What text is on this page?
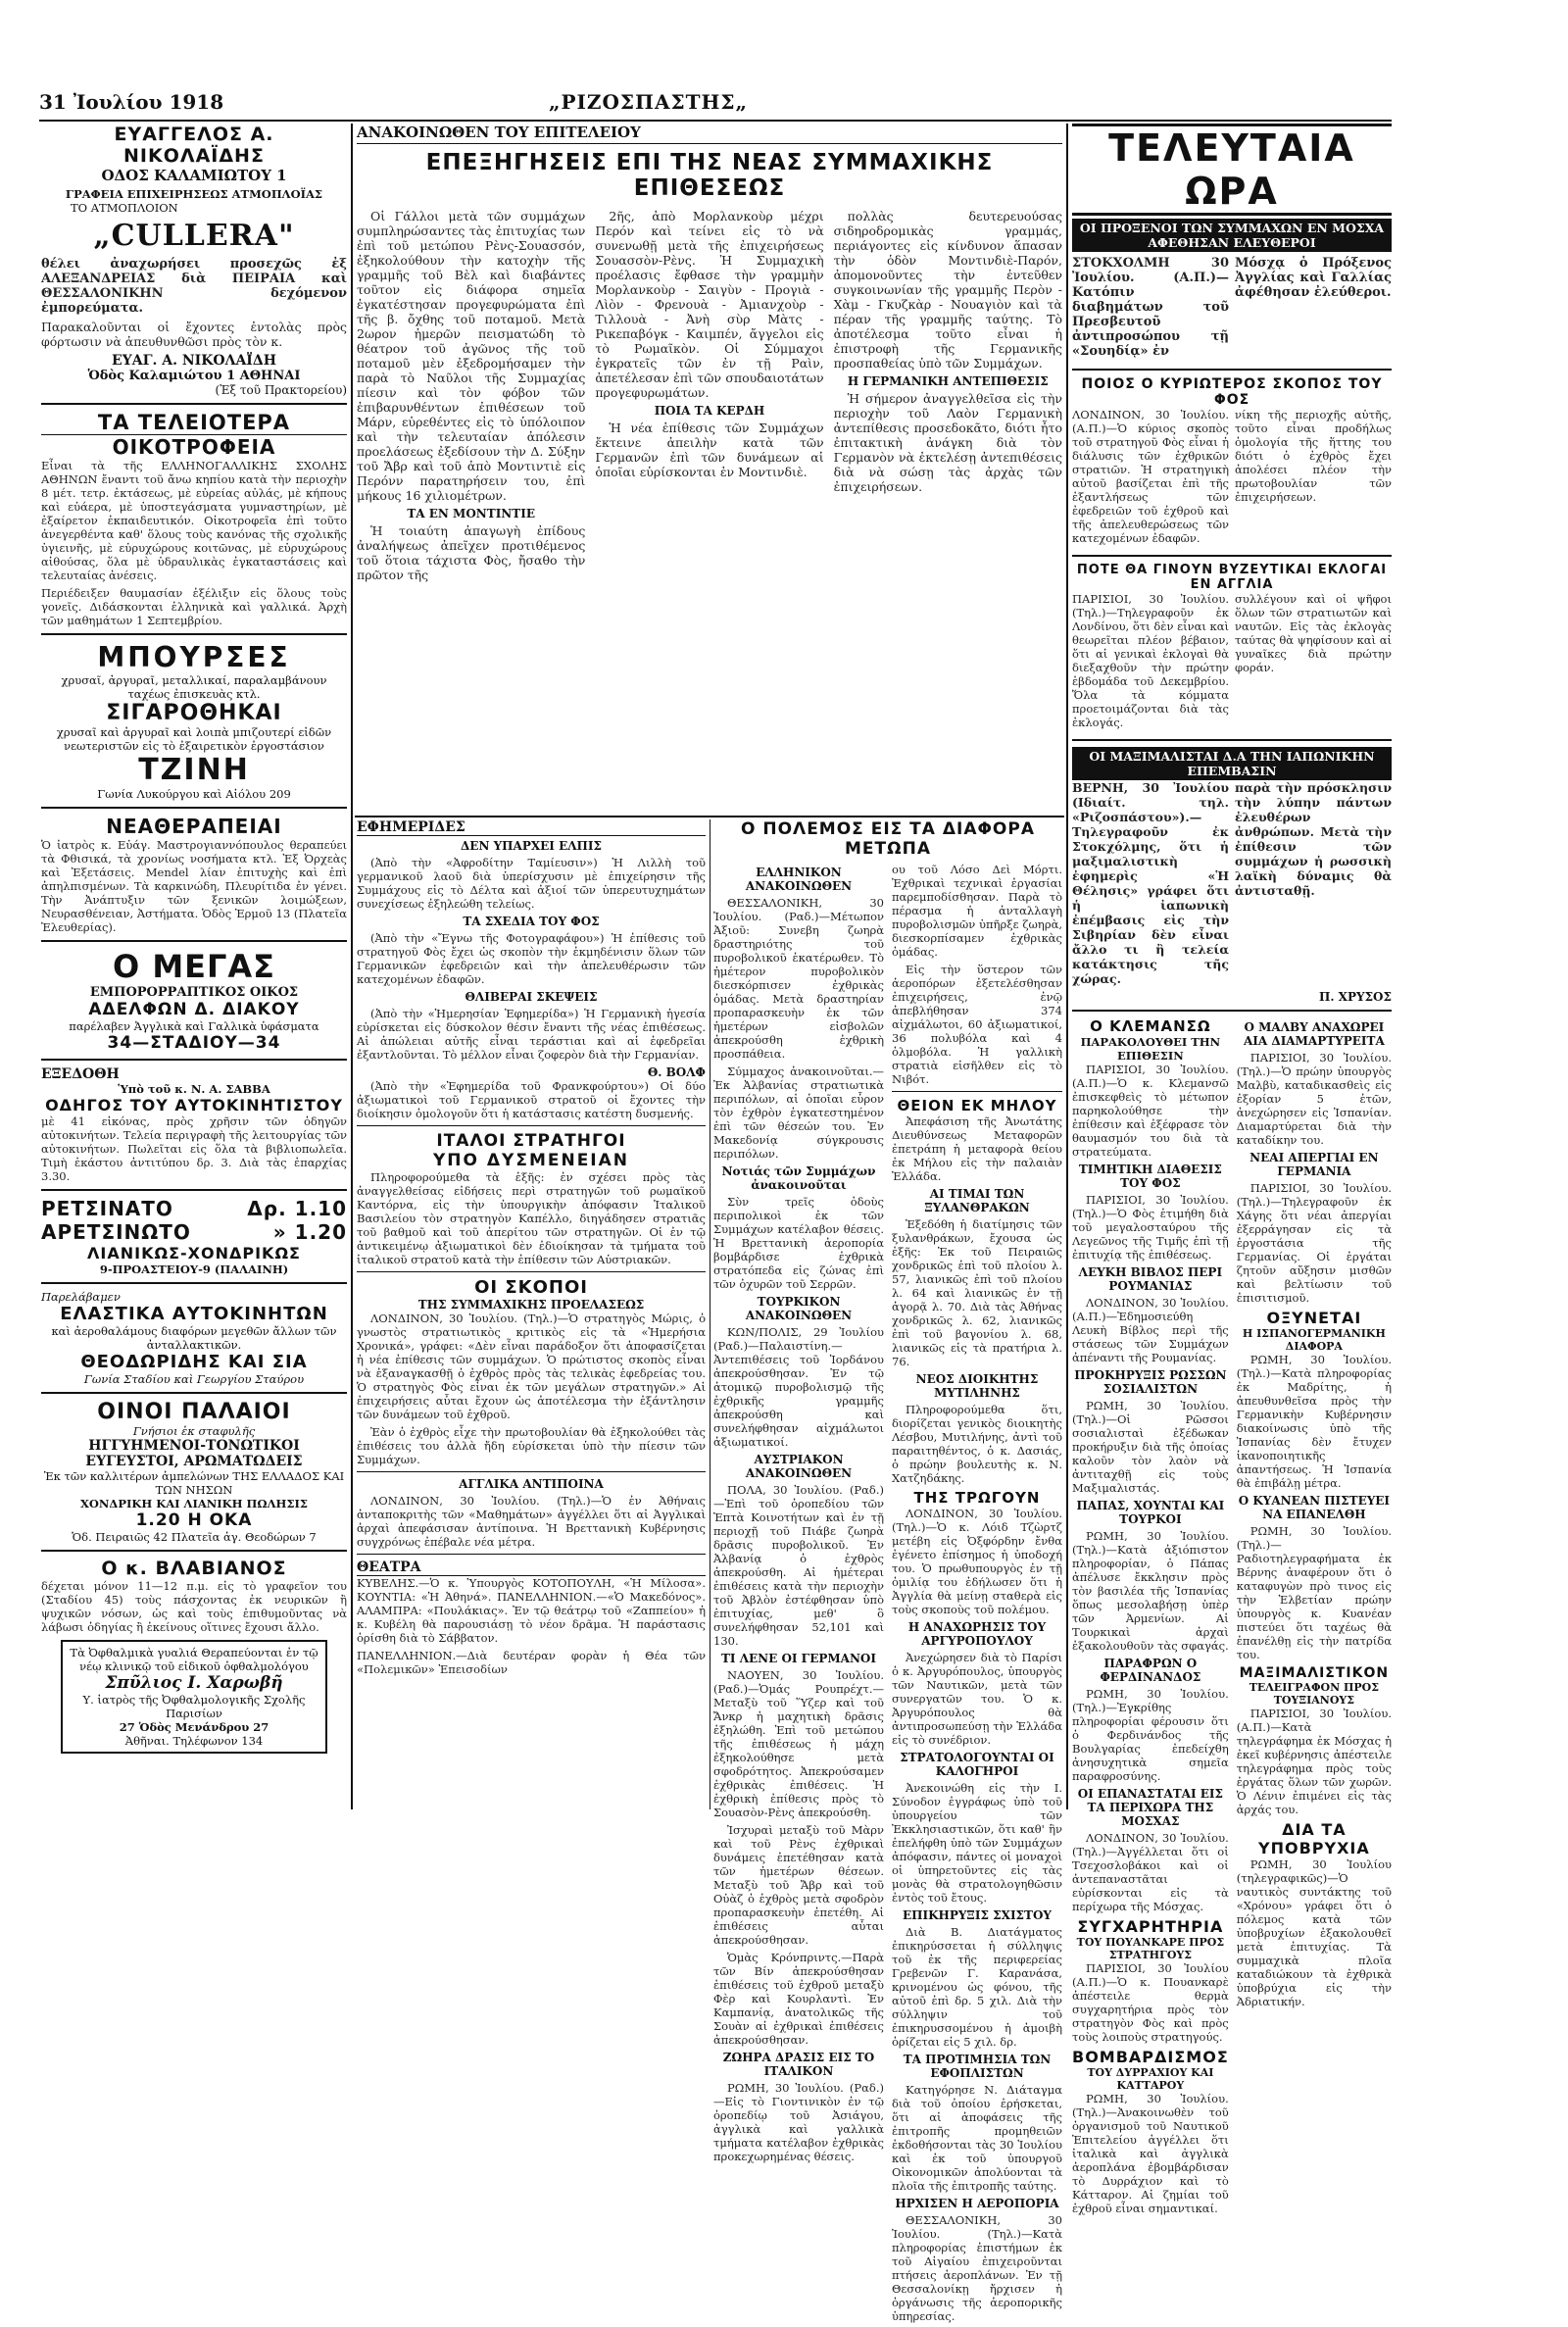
31 Ἰουλίου 1918	„ΡΙΖΟΣΠΑΣΤΗΣ„
ΕΥΑΓΓΕΛΟΣ Α. ΝΙΚΟΛΑΪΔΗΣ
ΟΔΟΣ ΚΑΛΑΜΙΩΤΟΥ 1
ΓΡΑΦΕΙΑ ΕΠΙΧΕΙΡΗΣΕΩΣ ΑΤΜΟΠΛΟΪΑΣ
ΤΟ ΑΤΜΟΠΛΟΙΟΝ
„CULLERA"

θέλει ἀναχωρήσει προσεχῶς ἐξ ΑΛΕΞΑΝΔΡΕΙΑΣ διὰ ΠΕΙΡΑΙΑ καὶ ΘΕΣΣΑΛΟΝΙΚΗΝ δεχόμενον ἐμπορεύματα.

Παρακαλοῦνται οἱ ἔχοντες ἐντολὰς πρὸς φόρτωσιν νὰ ἀπευθυνθῶσι πρὸς τὸν κ.

ΕΥΑΓ. Α. ΝΙΚΟΛΑΪΔΗ
Ὁδὸς Καλαμιώτου 1 ΑΘΗΝΑΙ
(Ἐξ τοῦ Πρακτορείου)
ΤΑ ΤΕΛΕΙΟΤΕΡΑ
ΟΙΚΟΤΡΟΦΕΙΑ

Εἶναι τὰ τῆς ΕΛΛΗΝΟΓΑΛΛΙΚΗΣ ΣΧΟΛΗΣ ΑΘΗΝΩΝ ἔναντι τοῦ ἄνω κηπίου κατὰ τὴν περιοχὴν 8 μέτ. τετρ. ἐκτάσεως, μὲ εὐρείας αὐλάς, μὲ κήπους καὶ εὐάερα, μὲ ὑποστεγάσματα γυμναστηρίων, μὲ ἐξαίρετον ἐκπαιδευτικόν. Οἰκοτροφεῖα ἐπὶ τοῦτο ἀνεγερθέντα καθ' ὅλους τοὺς κανόνας τῆς σχολικῆς ὑγιεινῆς, μὲ εὐρυχώρους κοιτῶνας, μὲ εὐρυχώρους αἰθούσας, ὅλα μὲ ὑδραυλικὰς ἐγκαταστάσεις καὶ τελευταίας ἀνέσεις.

Περιέδειξεν θαυμασίαν ἐξέλιξιν εἰς ὅλους τοὺς γονεῖς. Διδάσκονται ἑλληνικὰ καὶ γαλλικά. Ἀρχὴ τῶν μαθημάτων 1 Σεπτεμβρίου.

ΜΠΟΥΡΣΕΣ
χρυσαῖ, ἀργυραῖ, μεταλλικαί, παραλαμβάνουν ταχέως ἐπισκευὰς κτλ.
ΣΙΓΑΡΟΘΗΚΑΙ
χρυσαῖ καὶ ἀργυραῖ καὶ λοιπὰ μπιζουτερί εἰδῶν νεωτεριστῶν εἰς τὸ ἐξαιρετικὸν ἐργοστάσιον
ΤΖΙΝΗ
Γωνία Λυκούργου καὶ Αἰόλου 209
ΝΕΑΘΕΡΑΠΕΙΑΙ

Ὁ ἰατρὸς κ. Εὐάγ. Μαστρογιαννόπουλος θεραπεύει τὰ Φθισικά, τὰ χρονίως νοσήματα κτλ. Ἐξ Ὀρχεὰς καὶ Ἐξετάσεις. Mendel λίαν ἐπιτυχὴς καὶ ἐπὶ ἀπηλπισμένων. Τὰ καρκινώδη, Πλευρίτιδα ἐν γένει. Τὴν Ἀνάπτυξιν τῶν ξενικῶν λοιμώξεων, Νευρασθένειαν, Ἀστήματα. Ὁδὸς Ἐρμοῦ 13 (Πλατεῖα Ἐλευθερίας).

Ο ΜΕΓΑΣ
ΕΜΠΟΡΟΡΡΑΠΤΙΚΟΣ ΟΙΚΟΣ
ΑΔΕΛΦΩΝ Δ. ΔΙΑΚΟΥ
παρέλαβεν Ἀγγλικὰ καὶ Γαλλικὰ ὑφάσματα
34—ΣΤΑΔΙΟΥ—34
ΕΞΕΔΟΘΗ
Ὑπὸ τοῦ κ. Ν. Α. ΣΑΒΒΑ
ΟΔΗΓΟΣ ΤΟΥ ΑΥΤΟΚΙΝΗΤΙΣΤΟΥ

μὲ 41 εἰκόνας, πρὸς χρῆσιν τῶν ὁδηγῶν αὐτοκινήτων. Τελεία περιγραφὴ τῆς λειτουργίας τῶν αὐτοκινήτων. Πωλεῖται εἰς ὅλα τὰ βιβλιοπωλεῖα. Τιμὴ ἑκάστου ἀντιτύπου δρ. 3. Διὰ τὰς ἐπαρχίας 3.30.

ΡΕΤΣΙΝΑΤΟ	Δρ. 1.10
ΑΡΕΤΣΙΝΩΤΟ	» 1.20
ΛΙΑΝΙΚΩΣ-ΧΟΝΔΡΙΚΩΣ
9-ΠΡΟΑΣΤΕΙΟΥ-9 (ΠΑΛΑΙΝΗ)
Παρελάβαμεν
ΕΛΑΣΤΙΚΑ ΑΥΤΟΚΙΝΗΤΩΝ
καὶ ἀεροθαλάμους διαφόρων μεγεθῶν ἄλλων τῶν ἀνταλλακτικῶν.
ΘΕΟΔΩΡΙΔΗΣ ΚΑΙ ΣΙΑ
Γωνία Σταδίου καὶ Γεωργίου Σταύρου
ΟΙΝΟΙ ΠΑΛΑΙΟΙ
Γνήσιοι ἐκ σταφυλῆς
ΗΓΓΥΗΜΕΝΟΙ-ΤΟΝΩΤΙΚΟΙ
ΕΥΓΕΥΣΤΟΙ, ΑΡΩΜΑΤΩΔΕΙΣ
Ἐκ τῶν καλλιτέρων ἀμπελώνων ΤΗΣ ΕΛΛΑΔΟΣ ΚΑΙ ΤΩΝ ΝΗΣΩΝ
ΧΟΝΔΡΙΚΗ ΚΑΙ ΛΙΑΝΙΚΗ ΠΩΛΗΣΙΣ
1.20 Η ΟΚΑ
Ὁδ. Πειραιῶς 42 Πλατεῖα ἁγ. Θεοδώρων 7
Ο κ. ΒΛΑΒΙΑΝΟΣ

δέχεται μόνον 11—12 π.μ. εἰς τὸ γραφεῖον του (Σταδίου 45) τοὺς πάσχοντας ἐκ νευρικῶν ἢ ψυχικῶν νόσων, ὡς καὶ τοὺς ἐπιθυμοῦντας νὰ λάβωσι ὁδηγίας ἢ ἐκείνους οἵτινες ἔχουσι ἄλλο.

Τὰ Ὀφθαλμικὰ γυαλιά Θεραπεύονται ἐν τῷ νέῳ κλινικῷ τοῦ εἰδικοῦ ὀφθαλμολόγου
Σπῦλιος Ι. Χαρωβῆ
Υ. ἰατρὸς τῆς Ὀφθαλμολογικῆς Σχολῆς Παρισίων
27 Ὁδὸς Μενάνδρου 27
Ἀθῆναι. Τηλέφωνον 134
ΑΝΑΚΟΙΝΩΘΕΝ ΤΟΥ ΕΠΙΤΕΛΕΙΟΥ
ΕΠΕΞΗΓΗΣΕΙΣ ΕΠΙ ΤΗΣ ΝΕΑΣ ΣΥΜΜΑΧΙΚΗΣ ΕΠΙΘΕΣΕΩΣ

Οἱ Γάλλοι μετὰ τῶν συμμάχων συμπληρώσαντες τὰς ἐπιτυχίας των ἐπὶ τοῦ μετώπου Ρὲνς-Σουασσόν, ἐξηκολούθουν τὴν κατοχὴν τῆς γραμμῆς τοῦ Βὲλ καὶ διαβάντες τοῦτον εἰς διάφορα σημεῖα ἐγκατέστησαν προγεφυρώματα ἐπὶ τῆς β. ὄχθης τοῦ ποταμοῦ. Μετὰ 2ωρον ἡμερῶν πεισματώδη τὸ θέατρον τοῦ ἀγῶνος τῆς τοῦ ποταμοῦ μὲν ἐξεδρομήσαμεν τὴν παρὰ τὸ Ναῦλοι τῆς Συμμαχίας πίεσιν καὶ τὸν φόβον τῶν ἐπιβαρυνθέντων ἐπιθέσεων τοῦ Μάρν, εὑρεθέντες εἰς τὸ ὑπόλοιπον καὶ τὴν τελευταίαν ἀπόλεσιν προελάσεως ἐξεδίσουν τὴν Δ. Σύξην τοῦ Ἄβρ καὶ τοῦ ἀπὸ Μοντιντιὲ εἰς Περόνν παρατηρήσειν του, ἐπὶ μήκους 16 χιλιομέτρων.

ΤΑ ΕΝ ΜΟΝΤΙΝΤΙΕ

Ἡ τοιαύτη ἀπαγωγὴ ἐπίδους ἀναλήψεως ἀπεῖχεν προτιθέμενος τοῦ ὅτοια τάχιστα Φὸς, ἤσαθο τὴν πρῶτον τῆς

2ῆς, ἀπὸ Μορλανκοὺρ μέχρι Περόν καὶ τείνει εἰς τὸ νὰ συνενωθῇ μετὰ τῆς ἐπιχειρήσεως Σουασσὸν-Ρὲνς. Ἡ Συμμαχικὴ προέλασις ἔφθασε τὴν γραμμὴν Μορλανκοὺρ - Σαιγὺν - Προγιὰ - Λὶὸν - Φρενουὰ - Ἀμιανχοὺρ - Τιλλουὰ - Ἀνὴ σὺρ Μὰτς - Ρικεπαβόγκ - Καιμπέν, ἄγγελοι εἰς τὸ Ρωμαῖκὸν. Οἱ Σύμμαχοι ἐγκρατεῖς τῶν ἐν τῇ Ραὶν, ἀπετέλεσαν ἐπὶ τῶν σπουδαιοτάτων προγεφυρωμάτων.

ΠΟΙΑ ΤΑ ΚΕΡΔΗ

Ἡ νέα ἐπίθεσις τῶν Συμμάχων ἔκτεινε ἀπειλὴν κατὰ τῶν Γερμανῶν ἐπὶ τῶν δυνάμεων αἱ ὁποῖαι εὑρίσκονται ἐν Μοντινδιὲ.

πολλὰς δευτερευούσας σιδηροδρομικὰς γραμμάς, περιάγοντες εἰς κίνδυνον ἅπασαν τὴν ὁδὸν Μοντινδιὲ-Παρόν, ἀπομονοῦντες τὴν ἐντεῦθεν συγκοινωνίαν τῆς γραμμῆς Περὸν - Χὰμ - Γκυζκὰρ - Νουαγιὸν καὶ τὰ πέραν τῆς γραμμῆς ταύτης. Τὸ ἀποτέλεσμα τοῦτο εἶναι ἡ ἐπιστροφὴ τῆς Γερμανικῆς προσπαθείας ὑπὸ τῶν Συμμάχων.

Η ΓΕΡΜΑΝΙΚΗ ΑΝΤΕΠΙΘΕΣΙΣ

Ἡ σήμερον ἀναγγελθεῖσα εἰς τὴν περιοχὴν τοῦ Λαὸν Γερμανικὴ ἀντεπίθεσις προσεδοκᾶτο, διότι ἦτο ἐπιτακτικὴ ἀνάγκη διὰ τὸν Γερμανὸν νὰ ἐκτελέσῃ ἀντεπιθέσεις διὰ νὰ σώσῃ τὰς ἀρχὰς τῶν ἐπιχειρήσεων.

ΕΦΗΜΕΡΙΔΕΣ
ΔΕΝ ΥΠΑΡΧΕΙ ΕΛΠΙΣ

(Ἀπὸ τὴν «Ἀφροδίτην Ταμίευσιν») Ἡ Λιλλὴ τοῦ γερμανικοῦ λαοῦ διὰ ὑπερίσχυσιν μὲ ἐπιχείρησιν τῆς Συμμάχους εἰς τὸ Δέλτα καὶ ἀξιοί τῶν ὑπερευτυχημάτων συνεχίσεως ἐξηλεώθη τελείως.

ΤΑ ΣΧΕΔΙΑ ΤΟΥ ΦΟΣ

(Ἀπὸ τὴν «Ἔγνω τῆς Φοτογραφάφου») Ἡ ἐπίθεσις τοῦ στρατηγοῦ Φὸς ἔχει ὡς σκοπὸν τὴν ἐκμηδένισιν ὅλων τῶν Γερμανικῶν ἐφεδρειῶν καὶ τὴν ἀπελευθέρωσιν τῶν κατεχομένων ἐδαφῶν.

ΘΛΙΒΕΡΑΙ ΣΚΕΨΕΙΣ

(Ἀπὸ τὴν «Ἡμερησίαν Ἐφημερίδα») Ἡ Γερμανικὴ ἡγεσία εὑρίσκεται εἰς δύσκολον θέσιν ἔναντι τῆς νέας ἐπιθέσεως. Αἱ ἀπώλειαι αὐτῆς εἶναι τεράστιαι καὶ αἱ ἐφεδρεῖαι ἐξαντλοῦνται. Τὸ μέλλον εἶναι ζοφερὸν διὰ τὴν Γερμανίαν.

Θ. ΒΟΛΦ

(Ἀπὸ τὴν «Ἐφημερίδα τοῦ Φρανκφούρτου») Οἱ δύο ἀξιωματικοὶ τοῦ Γερμανικοῦ στρατοῦ οἱ ἔχοντες τὴν διοίκησιν ὁμολογοῦν ὅτι ἡ κατάστασις κατέστη δυσμενής.

ΙΤΑΛΟΙ ΣΤΡΑΤΗΓΟΙ
ΥΠΟ ΔΥΣΜΕΝΕΙΑΝ

Πληροφορούμεθα τὰ ἑξῆς: ἐν σχέσει πρὸς τὰς ἀναγγελθείσας εἰδήσεις περὶ στρατηγῶν τοῦ ρωμαϊκοῦ Καντόρνα, εἰς τὴν ὑπουργικὴν ἀπόφασιν Ἰταλικοῦ Βασιλείου τὸν στρατηγὸν Καπέλλο, διηγάδησεν στρατιᾶς τοῦ βαθμοῦ καὶ τοῦ ἀπερίτου τῶν στρατηγῶν. Οἱ ἐν τῷ ἀντικειμένῳ ἀξιωματικοὶ δὲν ἐδιοίκησαν τὰ τμήματα τοῦ ἰταλικοῦ στρατοῦ κατὰ τὴν ἐπίθεσιν τῶν Αὐστριακῶν.

ΟΙ ΣΚΟΠΟΙ
ΤΗΣ ΣΥΜΜΑΧΙΚΗΣ ΠΡΟΕΛΑΣΕΩΣ

ΛΟΝΔΙΝΟΝ, 30 Ἰουλίου. (Τηλ.)—Ὁ στρατηγὸς Μώρις, ὁ γνωστὸς στρατιωτικὸς κριτικὸς εἰς τὰ «Ἡμερήσια Χρονικά», γράφει: «Δὲν εἶναι παράδοξον ὅτι ἀποφασίζεται ἡ νέα ἐπίθεσις τῶν συμμάχων. Ὁ πρώτιστος σκοπὸς εἶναι νὰ ἐξαναγκασθῇ ὁ ἐχθρὸς πρὸς τὰς τελικὰς ἐφεδρείας του. Ὁ στρατηγὸς Φὸς εἶναι ἐκ τῶν μεγάλων στρατηγῶν.» Αἱ ἐπιχειρήσεις αὗται ἔχουν ὡς ἀποτέλεσμα τὴν ἐξάντλησιν τῶν δυνάμεων τοῦ ἐχθροῦ.

Ἐὰν ὁ ἐχθρὸς εἶχε τὴν πρωτοβουλίαν θὰ ἐξηκολούθει τὰς ἐπιθέσεις του ἀλλὰ ἤδη εὑρίσκεται ὑπὸ τὴν πίεσιν τῶν Συμμάχων.

ΑΓΓΛΙΚΑ ΑΝΤΙΠΟΙΝΑ

ΛΟΝΔΙΝΟΝ, 30 Ἰουλίου. (Τηλ.)—Ὁ ἐν Ἀθήναις ἀνταποκριτὴς τῶν «Μαθημάτων» ἀγγέλλει ὅτι αἱ Ἀγγλικαὶ ἀρχαὶ ἀπεφάσισαν ἀντίποινα. Ἡ Βρεττανικὴ Κυβέρνησις συγχρόνως ἐπέβαλε νέα μέτρα.

ΘΕΑΤΡΑ

ΚΥΒΕΛΗΣ.—Ὁ κ. Ὑπουργὸς ΚΟΤΟΠΟΥΛΗ, «Ἡ Μίλοσα». ΚΟΥΝΤΙΑ: «Ἡ Ἀθηνά». ΠΑΝΕΛΛΗΝΙΟΝ.—«Ὁ Μακεδόνος». ΑΛΑΜΠΡΑ: «Πουλάκιας». Ἐν τῷ θεάτρῳ τοῦ «Ζαππείου» ἡ κ. Κυβέλη θὰ παρουσιάσῃ τὸ νέον δρᾶμα. Ἡ παράστασις ὁρίσθη διὰ τὸ Σάββατον.

ΠΑΝΕΛΛΗΝΙΟΝ.—Διὰ δευτέραν φορὰν ἡ Θέα τῶν «Πολεμικῶν» Ἐπεισοδίων

Ο ΠΟΛΕΜΟΣ ΕΙΣ ΤΑ ΔΙΑΦΟΡΑ ΜΕΤΩΠΑ
ΕΛΛΗΝΙΚΟΝ ΑΝΑΚΟΙΝΩΘΕΝ

ΘΕΣΣΑΛΟΝΙΚΗ, 30 Ἰουλίου. (Ραδ.)—Μέτωπον Ἀξιοῦ: Συνεβη ζωηρὰ δραστηριότης τοῦ πυροβολικοῦ ἑκατέρωθεν. Τὸ ἡμέτερον πυροβολικὸν διεσκόρπισεν ἐχθρικὰς ὁμάδας. Μετὰ δραστηρίαν προπαρασκευὴν ἐκ τῶν ἡμετέρων εἰσβολῶν ἀπεκρούσθη ἐχθρικὴ προσπάθεια.

Σύμμαχος ἀνακοινοῦται.—Ἐκ Ἀλβανίας στρατιωτικὰ περιπόλων, αἱ ὁποῖαι εὗρον τὸν ἐχθρὸν ἐγκατεστημένον ἐπὶ τῶν θέσεών του. Ἐν Μακεδονίᾳ σύγκρουσις περιπόλων.

Νοτιάς τῶν Συμμάχων ἀνακοινοῦται

Σὺν τρεῖς ὁδοὺς περιπολικοὶ ἐκ τῶν Συμμάχων κατέλαβον θέσεις. Ἡ Βρεττανικὴ ἀεροπορία βομβάρδισε ἐχθρικὰ στρατόπεδα εἰς ζώνας ἐπὶ τῶν ὀχυρῶν τοῦ Σερρῶν.

ΤΟΥΡΚΙΚΟΝ ΑΝΑΚΟΙΝΩΘΕΝ

ΚΩΝ/ΠΟΛΙΣ, 29 Ἰουλίου (Ραδ.)—Παλαιστίνη.—Ἀντεπιθέσεις τοῦ Ἰορδάνου ἀπεκρούσθησαν. Ἐν τῷ ἀτομικῷ πυροβολισμῷ τῆς ἐχθρικῆς γραμμῆς ἀπεκρούσθη καὶ συνελήφθησαν αἰχμάλωτοι ἀξιωματικοί.

ΑΥΣΤΡΙΑΚΟΝ ΑΝΑΚΟΙΝΩΘΕΝ

ΠΟΛΑ, 30 Ἰουλίου. (Ραδ.)—Ἐπὶ τοῦ ὀροπεδίου τῶν Ἑπτὰ Κοινοτήτων καὶ ἐν τῇ περιοχῇ τοῦ Πιάβε ζωηρὰ δρᾶσις πυροβολικοῦ. Ἐν Ἀλβανίᾳ ὁ ἐχθρὸς ἀπεκρούσθη. Αἱ ἡμέτεραι ἐπιθέσεις κατὰ τὴν περιοχὴν τοῦ Ἀβλὸν ἐστέφθησαν ὑπὸ ἐπιτυχίας, μεθ' ὃ συνελήφθησαν 52,101 καὶ 130.

ΤΙ ΛΕΝΕ ΟΙ ΓΕΡΜΑΝΟΙ

ΝΑΟΥΕΝ, 30 Ἰουλίου. (Ραδ.)—Ὁμάς Ρουπρέχτ.—Μεταξὺ τοῦ Ὕζερ καὶ τοῦ Ἄνκρ ἡ μαχητικὴ δρᾶσις ἐξηλώθη. Ἐπὶ τοῦ μετώπου τῆς ἐπιθέσεως ἡ μάχη ἐξηκολούθησε μετὰ σφοδρότητος. Ἀπεκρούσαμεν ἐχθρικὰς ἐπιθέσεις. Ἡ ἐχθρικὴ ἐπίθεσις πρὸς τὸ Σουασὸν-Ρὲνς ἀπεκρούσθη.

Ἰσχυραὶ μεταξὺ τοῦ Μὰρν καὶ τοῦ Ρὲνς ἐχθρικαὶ δυνάμεις ἐπετέθησαν κατὰ τῶν ἡμετέρων θέσεων. Μεταξὺ τοῦ Ἄβρ καὶ τοῦ Οὐὰζ ὁ ἐχθρὸς μετὰ σφοδρὸν προπαρασκευὴν ἐπετέθη. Αἱ ἐπιθέσεις αὗται ἀπεκρούσθησαν.

Ὁμὰς Κρόνπριντς.—Παρὰ τῶν Βίν ἀπεκρούσθησαν ἐπιθέσεις τοῦ ἐχθροῦ μεταξὺ Φὲρ καὶ Κουρλαντὶ. Ἐν Καμπανίᾳ, ἀνατολικῶς τῆς Σουὰν αἱ ἐχθρικαὶ ἐπιθέσεις ἀπεκρούσθησαν.

ΖΩΗΡΑ ΔΡΑΣΙΣ ΕΙΣ ΤΟ ΙΤΑΛΙΚΟΝ

ΡΩΜΗ, 30 Ἰουλίου. (Ραδ.)—Εἰς τὸ Γιοντινικὸν ἐν τῷ ὀροπεδίῳ τοῦ Ἀσιάγου, ἀγγλικὰ καὶ γαλλικὰ τμήματα κατέλαβον ἐχθρικὰς προκεχωρημένας θέσεις.

ου τοῦ Λόσο Δεὶ Μόρτι. Ἐχθρικαὶ τεχνικαὶ ἐργασίαι παρεμποδίσθησαν. Παρὰ τὸ πέρασμα ἡ ἀνταλλαγὴ πυροβολισμῶν ὑπῆρξε ζωηρὰ, διεσκορπίσαμεν ἐχθρικὰς ὁμάδας.

Εἰς τὴν ὕστερον τῶν ἀεροπόρων ἐξετελέσθησαν ἐπιχειρήσεις, ἐνῷ ἀπεβλήθησαν 374 αἰχμάλωτοι, 60 ἀξιωματικοί, 36 πολυβόλα καὶ 4 ὁλμοβόλα. Ἡ γαλλικὴ στρατιὰ εἰσῆλθεν εἰς τὸ Νιβότ.

ΘΕΙΟΝ ΕΚ ΜΗΛΟΥ

Ἀπεφάσιση τῆς Ἀνωτάτης Διευθύνσεως Μεταφορῶν ἐπετράπη ἡ μεταφορὰ θείου ἐκ Μήλου εἰς τὴν παλαιὰν Ἑλλάδα.

ΑΙ ΤΙΜΑΙ ΤΩΝ ΞΥΛΑΝΘΡΑΚΩΝ

Ἐξεδόθη ἡ διατίμησις τῶν ξυλανθράκων, ἔχουσα ὡς ἑξῆς: Ἐκ τοῦ Πειραιῶς χονδρικῶς ἐπὶ τοῦ πλοίου λ. 57, λιανικῶς ἐπὶ τοῦ πλοίου λ. 64 καὶ λιανικῶς ἐν τῇ ἀγορᾷ λ. 70. Διὰ τὰς Ἀθήνας χονδρικῶς λ. 62, λιανικῶς ἐπὶ τοῦ βαγονίου λ. 68, λιανικῶς εἰς τὰ πρατήρια λ. 76.

ΝΕΟΣ ΔΙΟΙΚΗΤΗΣ ΜΥΤΙΛΗΝΗΣ

Πληροφορούμεθα ὅτι, διορίζεται γενικὸς διοικητὴς Λέσβου, Μυτιλήνης, ἀντὶ τοῦ παραιτηθέντος, ὁ κ. Δασιάς, ὁ πρώην βουλευτὴς κ. Ν. Χατζηδάκης.

ΤΗΣ ΤΡΩΓΟΥΝ

ΛΟΝΔΙΝΟΝ, 30 Ἰουλίου. (Τηλ.)—Ὁ κ. Λόιδ Τζὼρτζ μετέβη εἰς Ὀξφόρδην ἔνθα ἐγένετο ἐπίσημος ἡ ὑποδοχή του. Ὁ πρωθυπουργὸς ἐν τῇ ὁμιλίᾳ του ἐδήλωσεν ὅτι ἡ Ἀγγλία θὰ μείνῃ σταθερὰ εἰς τοὺς σκοποὺς τοῦ πολέμου.

Η ΑΝΑΧΩΡΗΣΙΣ ΤΟΥ ΑΡΓΥΡΟΠΟΥΛΟΥ

Ἀνεχώρησεν διὰ τὸ Παρίσι ὁ κ. Ἀργυρόπουλος, ὑπουργὸς τῶν Ναυτικῶν, μετὰ τῶν συνεργατῶν του. Ὁ κ. Ἀργυρόπουλος θὰ ἀντιπροσωπεύσῃ τὴν Ἑλλάδα εἰς τὸ συνέδριον.

ΣΤΡΑΤΟΛΟΓΟΥΝΤΑΙ ΟΙ ΚΑΛΟΓΗΡΟΙ

Ἀνεκοινώθη εἰς τὴν Ι. Σύνοδον ἐγγράφως ὑπὸ τοῦ ὑπουργείου τῶν Ἐκκλησιαστικῶν, ὅτι καθ' ἣν ἐπελήφθη ὑπὸ τῶν Συμμάχων ἀπόφασιν, πάντες οἱ μοναχοὶ οἱ ὑπηρετοῦντες εἰς τὰς μονὰς θὰ στρατολογηθῶσιν ἐντὸς τοῦ ἔτους.

ΕΠΙΚΗΡΥΞΙΣ ΣΧΙΣΤΟΥ

Διὰ Β. Διατάγματος ἐπικηρύσσεται ἡ σύλληψις τοῦ ἐκ τῆς περιφερείας Γρεβενῶν Γ. Καρανάσα, κρινομένου ὡς φόνου, τῆς αὐτοῦ ἐπὶ δρ. 5 χιλ. Διὰ τὴν σύλληψιν τοῦ ἐπικηρυσσομένου ἡ ἀμοιβὴ ὁρίζεται εἰς 5 χιλ. δρ.

ΤΑ ΠΡΟΤΙΜΗΣΙΑ ΤΩΝ ΕΦΟΠΛΙΣΤΩΝ

Κατηγόρησε Ν. Διάταγμα διὰ τοῦ ὁποίου ἐρήσκεται, ὅτι αἱ ἀποφάσεις τῆς ἐπιτροπῆς προμηθειῶν ἐκδοθήσονται τὰς 30 Ἰουλίου καὶ ἐκ τοῦ ὑπουργοῦ Οἰκονομικῶν ἀπολύονται τὰ πλοῖα τῆς ἐπιτροπῆς ταύτης.

ΗΡΧΙΣΕΝ Η ΑΕΡΟΠΟΡΙΑ

ΘΕΣΣΑΛΟΝΙΚΗ, 30 Ἰουλίου. (Τηλ.)—Κατὰ πληροφορίας ἐπιστήμων ἐκ τοῦ Αἰγαίου ἐπιχειροῦνται πτήσεις ἀεροπλάνων. Ἐν τῇ Θεσσαλονίκῃ ἤρχισεν ἡ ὀργάνωσις τῆς ἀεροπορικῆς ὑπηρεσίας.

ΤΕΛΕΥΤΑΙΑ ΩΡΑ
ΟΙ ΠΡΟΞΕΝΟΙ ΤΩΝ ΣΥΜΜΑΧΩΝ ΕΝ ΜΟΣΧΑ ΑΦΕΘΗΣΑΝ ΕΛΕΥΘΕΡΟΙ

ΣΤΟΚΧΟΛΜΗ 30 Ἰουλίου. (Α.Π.)—Κατόπιν διαβημάτων τοῦ Πρεσβευτοῦ ἀντιπροσώπου τῇ «Σουηδίᾳ» ἐν

Μόσχᾳ ὁ Πρόξενος Ἀγγλίας καὶ Γαλλίας ἀφέθησαν ἐλεύθεροι.

ΠΟΙΟΣ Ο ΚΥΡΙΩΤΕΡΟΣ ΣΚΟΠΟΣ ΤΟΥ ΦΟΣ

ΛΟΝΔΙΝΟΝ, 30 Ἰουλίου. (Α.Π.)—Ὁ κύριος σκοπὸς τοῦ στρατηγοῦ Φὸς εἶναι ἡ διάλυσις τῶν ἐχθρικῶν στρατιῶν. Ἡ στρατηγικὴ αὐτοῦ βασίζεται ἐπὶ τῆς ἐξαντλήσεως τῶν ἐφεδρειῶν τοῦ ἐχθροῦ καὶ τῆς ἀπελευθερώσεως τῶν κατεχομένων ἐδαφῶν.

νίκη τῆς περιοχῆς αὐτῆς, τοῦτο εἶναι προδήλως ὁμολογία τῆς ἥττης του διότι ὁ ἐχθρὸς ἔχει ἀπολέσει πλέον τὴν πρωτοβουλίαν τῶν ἐπιχειρήσεων.

ΠΟΤΕ ΘΑ ΓΙΝΟΥΝ ΒΥΖΕΥΤΙΚΑΙ ΕΚΛΟΓΑΙ ΕΝ ΑΓΓΛΙΑ

ΠΑΡΙΣΙΟΙ, 30 Ἰουλίου. (Τηλ.)—Τηλεγραφοῦν ἐκ Λονδίνου, ὅτι δὲν εἶναι καὶ θεωρεῖται πλέον βέβαιον, ὅτι αἱ γενικαὶ ἐκλογαὶ θὰ διεξαχθοῦν τὴν πρώτην ἑβδομάδα τοῦ Δεκεμβρίου. Ὅλα τὰ κόμματα προετοιμάζονται διὰ τὰς ἐκλογάς.

συλλέγουν καὶ οἱ ψῆφοι ὅλων τῶν στρατιωτῶν καὶ ναυτῶν. Εἰς τὰς ἐκλογὰς ταύτας θὰ ψηφίσουν καὶ αἱ γυναῖκες διὰ πρώτην φοράν.

ΟΙ ΜΑΞΙΜΑΛΙΣΤΑΙ Δ.Α ΤΗΝ ΙΑΠΩΝΙΚΗΝ ΕΠΕΜΒΑΣΙΝ

ΒΕΡΝΗ, 30 Ἰουλίου (Ιδιαίτ. τηλ. «Ριζοσπάστου»).—Τηλεγραφοῦν ἐκ Στοκχόλμης, ὅτι ἡ μαξιμαλιστικὴ ἐφημερὶς «Ἡ Θέλησις» γράφει ὅτι ἡ ἰαπωνικὴ ἐπέμβασις εἰς τὴν Σιβηρίαν δὲν εἶναι ἄλλο τι ἢ τελεία κατάκτησις τῆς χώρας.

παρὰ τὴν πρόσκλησιν τὴν λύπην πάντων ἐλευθέρων ἀνθρώπων. Μετὰ τὴν ἐπίθεσιν τῶν συμμάχων ἡ ρωσσικὴ λαϊκὴ δύναμις θὰ ἀντισταθῇ.

Π. ΧΡΥΣΟΣ
Ο ΚΛΕΜΑΝΣΩ
ΠΑΡΑΚΟΛΟΥΘΕΙ ΤΗΝ ΕΠΙΘΕΣΙΝ

ΠΑΡΙΣΙΟΙ, 30 Ἰουλίου. (Α.Π.)—Ὁ κ. Κλεμανσῶ ἐπισκεφθεὶς τὸ μέτωπον παρηκολούθησε τὴν ἐπίθεσιν καὶ ἐξέφρασε τὸν θαυμασμόν του διὰ τὰ στρατεύματα.

ΤΙΜΗΤΙΚΗ ΔΙΑΘΕΣΙΣ ΤΟΥ ΦΟΣ

ΠΑΡΙΣΙΟΙ, 30 Ἰουλίου. (Τηλ.)—Ὁ Φὸς ἐτιμήθη διὰ τοῦ μεγαλοσταύρου τῆς Λεγεῶνος τῆς Τιμῆς ἐπὶ τῇ ἐπιτυχίᾳ τῆς ἐπιθέσεως.

ΛΕΥΚΗ ΒΙΒΛΟΣ ΠΕΡΙ ΡΟΥΜΑΝΙΑΣ

ΛΟΝΔΙΝΟΝ, 30 Ἰουλίου. (Α.Π.)—Ἐδημοσιεύθη Λευκὴ Βίβλος περὶ τῆς στάσεως τῶν Συμμάχων ἀπέναντι τῆς Ρουμανίας.

ΠΡΟΚΗΡΥΞΙΣ ΡΩΣΣΩΝ ΣΟΣΙΑΛΙΣΤΩΝ

ΡΩΜΗ, 30 Ἰουλίου. (Τηλ.)—Οἱ Ρῶσσοι σοσιαλισταὶ ἐξέδωκαν προκήρυξιν διὰ τῆς ὁποίας καλοῦν τὸν λαὸν νὰ ἀντιταχθῇ εἰς τοὺς Μαξιμαλιστάς.

ΠΑΠΑΣ, ΧΟΥΝΤΑΙ ΚΑΙ ΤΟΥΡΚΟΙ

ΡΩΜΗ, 30 Ἰουλίου. (Τηλ.)—Κατὰ ἀξιόπιστον πληροφορίαν, ὁ Πάπας ἀπέλυσε ἔκκλησιν πρὸς τὸν βασιλέα τῆς Ἰσπανίας ὅπως μεσολαβήσῃ ὑπὲρ τῶν Ἀρμενίων. Αἱ Τουρκικαὶ ἀρχαὶ ἐξακολουθοῦν τὰς σφαγάς.

ΠΑΡΑΦΡΩΝ Ο ΦΕΡΔΙΝΑΝΔΟΣ

ΡΩΜΗ, 30 Ἰουλίου. (Τηλ.)—Ἐγκρίθης πληροφορίαι φέρουσιν ὅτι ὁ Φερδινάνδος τῆς Βουλγαρίας ἐπεδείχθη ἀνησυχητικὰ σημεῖα παραφροσύνης.

ΟΙ ΕΠΑΝΑΣΤΑΤΑΙ ΕΙΣ ΤΑ ΠΕΡΙΧΩΡΑ ΤΗΣ ΜΟΣΧΑΣ

ΛΟΝΔΙΝΟΝ, 30 Ἰουλίου. (Τηλ.)—Ἀγγέλλεται ὅτι οἱ Τσεχοσλοβάκοι καὶ οἱ ἀντεπαναστᾶται εὑρίσκονται εἰς τὰ περίχωρα τῆς Μόσχας.

ΣΥΓΧΑΡΗΤΗΡΙΑ
ΤΟΥ ΠΟΥΑΝΚΑΡΕ ΠΡΟΣ ΣΤΡΑΤΗΓΟΥΣ

ΠΑΡΙΣΙΟΙ, 30 Ἰουλίου (Α.Π.)—Ὁ κ. Πουανκαρὲ ἀπέστειλε θερμὰ συγχαρητήρια πρὸς τὸν στρατηγὸν Φὸς καὶ πρὸς τοὺς λοιποὺς στρατηγούς.

ΒΟΜΒΑΡΔΙΣΜΟΣ
ΤΟΥ ΔΥΡΡΑΧΙΟΥ ΚΑΙ ΚΑΤΤΑΡΟΥ

ΡΩΜΗ, 30 Ἰουλίου. (Τηλ.)—Ἀνακοινωθὲν τοῦ ὀργανισμοῦ τοῦ Ναυτικοῦ Ἐπιτελείου ἀγγέλλει ὅτι ἰταλικὰ καὶ ἀγγλικὰ ἀεροπλάνα ἐβομβάρδισαν τὸ Δυρράχιον καὶ τὸ Κάτταρον. Αἱ ζημίαι τοῦ ἐχθροῦ εἶναι σημαντικαί.

Ο ΜΑΛΒΥ ΑΝΑΧΩΡΕΙ ΑΙΑ ΔΙΑΜΑΡΤΥΡΕΙΤΑ

ΠΑΡΙΣΙΟΙ, 30 Ἰουλίου. (Τηλ.)—Ὁ πρώην ὑπουργὸς Μαλβὺ, καταδικασθεὶς εἰς ἐξορίαν 5 ἐτῶν, ἀνεχώρησεν εἰς Ἰσπανίαν. Διαμαρτύρεται διὰ τὴν καταδίκην του.

ΝΕΑΙ ΑΠΕΡΓΙΑΙ ΕΝ ΓΕΡΜΑΝΙΑ

ΠΑΡΙΣΙΟΙ, 30 Ἰουλίου. (Τηλ.)—Τηλεγραφοῦν ἐκ Χάγης ὅτι νέαι ἀπεργίαι ἐξερράγησαν εἰς τὰ ἐργοστάσια τῆς Γερμανίας. Οἱ ἐργάται ζητοῦν αὔξησιν μισθῶν καὶ βελτίωσιν τοῦ ἐπισιτισμοῦ.

ΟΞΥΝΕΤΑΙ
Η ΙΣΠΑΝΟΓΕΡΜΑΝΙΚΗ ΔΙΑΦΟΡΑ

ΡΩΜΗ, 30 Ἰουλίου. (Τηλ.)—Κατὰ πληροφορίας ἐκ Μαδρίτης, ἡ ἀπευθυνθεῖσα πρὸς τὴν Γερμανικὴν Κυβέρνησιν διακοίνωσις ὑπὸ τῆς Ἰσπανίας δὲν ἔτυχεν ἱκανοποιητικῆς ἀπαντήσεως. Ἡ Ἰσπανία θὰ ἐπιβάλῃ μέτρα.

Ο ΚΥΑΝΕΑΝ ΠΙΣΤΕΥΕΙ ΝΑ ΕΠΑΝΕΛΘΗ

ΡΩΜΗ, 30 Ἰουλίου. (Τηλ.)—Ραδιοτηλεγραφήματα ἐκ Βέρνης ἀναφέρουν ὅτι ὁ καταφυγὼν πρὸ τινος εἰς τὴν Ἑλβετίαν πρώην ὑπουργὸς κ. Κυανέαν πιστεύει ὅτι ταχέως θὰ ἐπανέλθῃ εἰς τὴν πατρίδα του.

ΜΑΞΙΜΑΛΙΣΤΙΚΟΝ
ΤΕΛΕΙΓΡΑΦΟΝ ΠΡΟΣ ΤΟΥΞΙΑΝΟΥΣ

ΠΑΡΙΣΙΟΙ, 30 Ἰουλίου. (Α.Π.)—Κατὰ τηλεγράφημα ἐκ Μόσχας ἡ ἐκεῖ κυβέρνησις ἀπέστειλε τηλεγράφημα πρὸς τοὺς ἐργάτας ὅλων τῶν χωρῶν. Ὁ Λένιν ἐπιμένει εἰς τὰς ἀρχάς του.

ΔΙΑ ΤΑ ΥΠΟΒΡΥΧΙΑ

ΡΩΜΗ, 30 Ἰουλίου (τηλεγραφικῶς)—Ὁ ναυτικὸς συντάκτης τοῦ «Χρόνου» γράφει ὅτι ὁ πόλεμος κατὰ τῶν ὑποβρυχίων ἐξακολουθεῖ μετὰ ἐπιτυχίας. Τὰ συμμαχικὰ πλοῖα καταδιώκουν τὰ ἐχθρικὰ ὑποβρύχια εἰς τὴν Ἀδριατικήν.
